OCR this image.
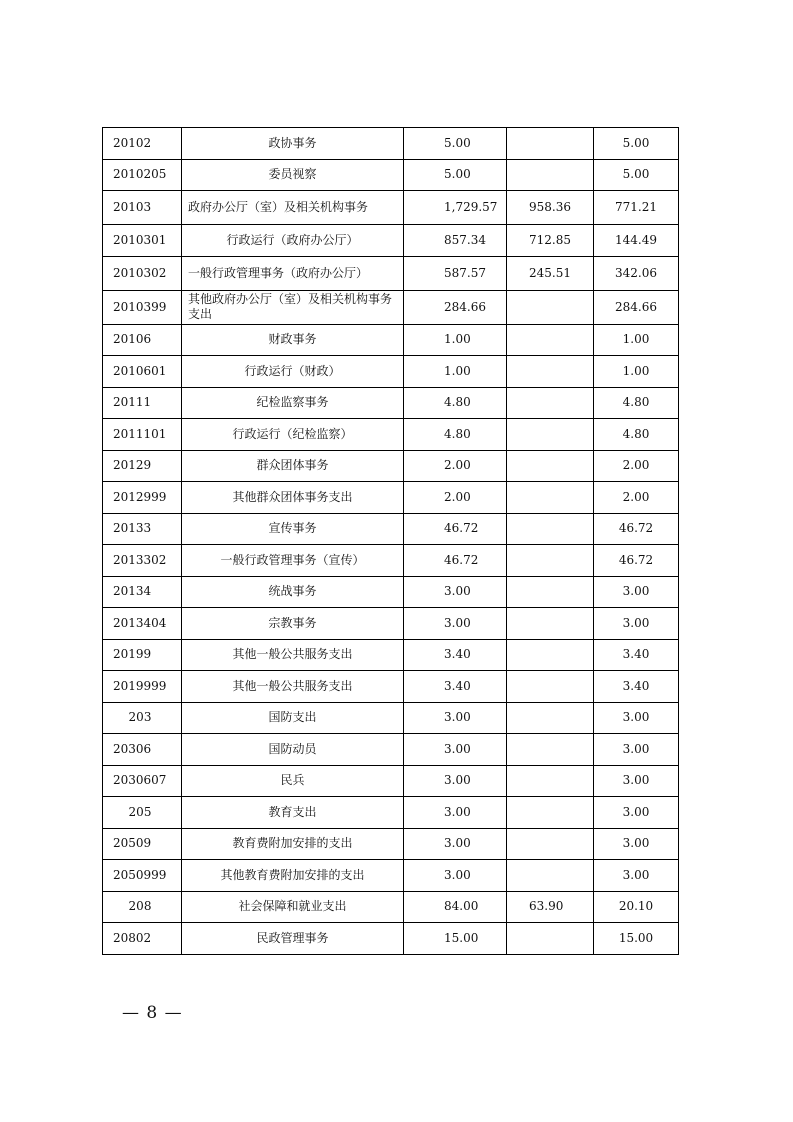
20102	政协事务	5.00		5.00
2010205	委员视察	5.00		5.00
20103	政府办公厅（室）及相关机构事务	1,729.57	958.36	771.21
2010301	行政运行（政府办公厅）	857.34	712.85	144.49
2010302	一般行政管理事务（政府办公厅）	587.57	245.51	342.06
2010399	其他政府办公厅（室）及相关机构事务支出	284.66		284.66
20106	财政事务	1.00		1.00
2010601	行政运行（财政）	1.00		1.00
20111	纪检监察事务	4.80		4.80
2011101	行政运行（纪检监察）	4.80		4.80
20129	群众团体事务	2.00		2.00
2012999	其他群众团体事务支出	2.00		2.00
20133	宣传事务	46.72		46.72
2013302	一般行政管理事务（宣传）	46.72		46.72
20134	统战事务	3.00		3.00
2013404	宗教事务	3.00		3.00
20199	其他一般公共服务支出	3.40		3.40
2019999	其他一般公共服务支出	3.40		3.40
203	国防支出	3.00		3.00
20306	国防动员	3.00		3.00
2030607	民兵	3.00		3.00
205	教育支出	3.00		3.00
20509	教育费附加安排的支出	3.00		3.00
2050999	其他教育费附加安排的支出	3.00		3.00
208	社会保障和就业支出	84.00	63.90	20.10
20802	民政管理事务	15.00		15.00
— 8 —
